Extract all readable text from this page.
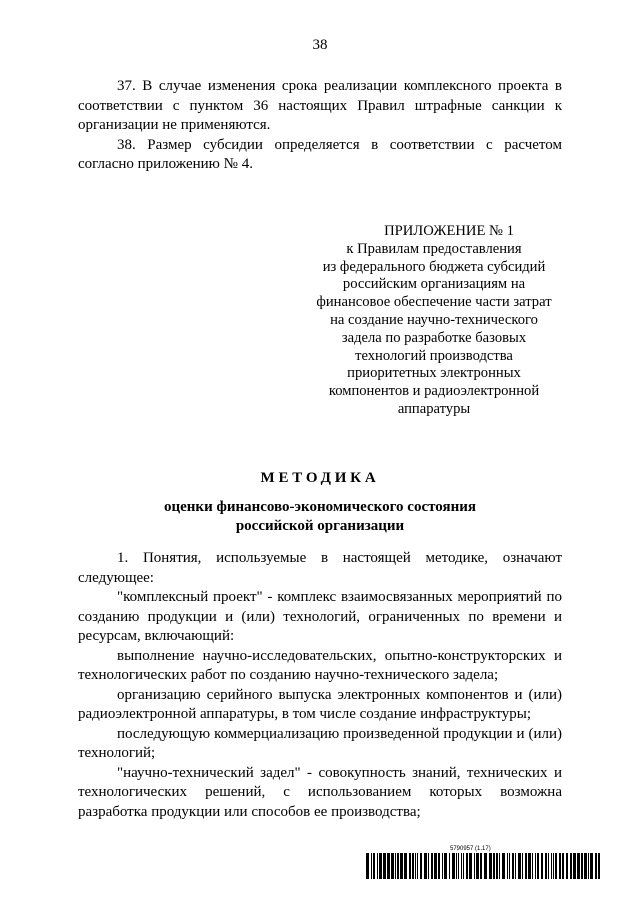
38

37. В случае изменения срока реализации комплексного проекта в соответствии с пунктом 36 настоящих Правил штрафные санкции к организации не применяются.

38. Размер субсидии определяется в соответствии с расчетом согласно приложению № 4.

ПРИЛОЖЕНИЕ № 1
к Правилам предоставления
из федерального бюджета субсидий
российским организациям на
финансовое обеспечение части затрат
на создание научно-технического
задела по разработке базовых
технологий производства
приоритетных электронных
компонентов и радиоэлектронной
аппаратуры
МЕТОДИКА
оценки финансово-экономического состояния
российской организации

1. Понятия, используемые в настоящей методике, означают следующее:

"комплексный проект" - комплекс взаимосвязанных мероприятий по созданию продукции и (или) технологий, ограниченных по времени и ресурсам, включающий:

выполнение научно-исследовательских, опытно-конструкторских и технологических работ по созданию научно-технического задела;

организацию серийного выпуска электронных компонентов и (или) радиоэлектронной аппаратуры, в том числе создание инфраструктуры;

последующую коммерциализацию произведенной продукции и (или) технологий;

"научно-технический задел" - совокупность знаний, технических и технологических решений, с использованием которых возможна разработка продукции или способов ее производства;

5790957 (1.17)
